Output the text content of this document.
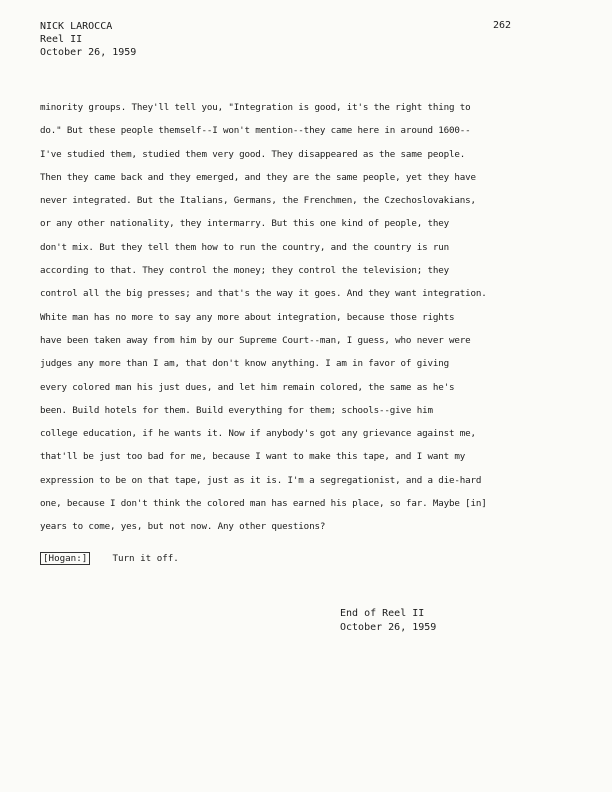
NICK LAROCCA
Reel II
October 26, 1959
262
minority groups. They'll tell you, "Integration is good, it's the right thing to
do." But these people themself--I won't mention--they came here in around 1600--
I've studied them, studied them very good. They disappeared as the same people.
Then they came back and they emerged, and they are the same people, yet they have
never integrated. But the Italians, Germans, the Frenchmen, the Czechoslovakians,
or any other nationality, they intermarry. But this one kind of people, they
don't mix. But they tell them how to run the country, and the country is run
according to that. They control the money; they control the television; they
control all the big presses; and that's the way it goes. And they want integration.
White man has no more to say any more about integration, because those rights
have been taken away from him by our Supreme Court--man, I guess, who never were
judges any more than I am, that don't know anything. I am in favor of giving
every colored man his just dues, and let him remain colored, the same as he's
been. Build hotels for them. Build everything for them; schools--give him
college education, if he wants it. Now if anybody's got any grievance against me,
that'll be just too bad for me, because I want to make this tape, and I want my
expression to be on that tape, just as it is. I'm a segregationist, and a die-hard
one, because I don't think the colored man has earned his place, so far. Maybe [in]
years to come, yes, but not now. Any other questions?
[Hogan:]	Turn it off.
End of Reel II
October 26, 1959
